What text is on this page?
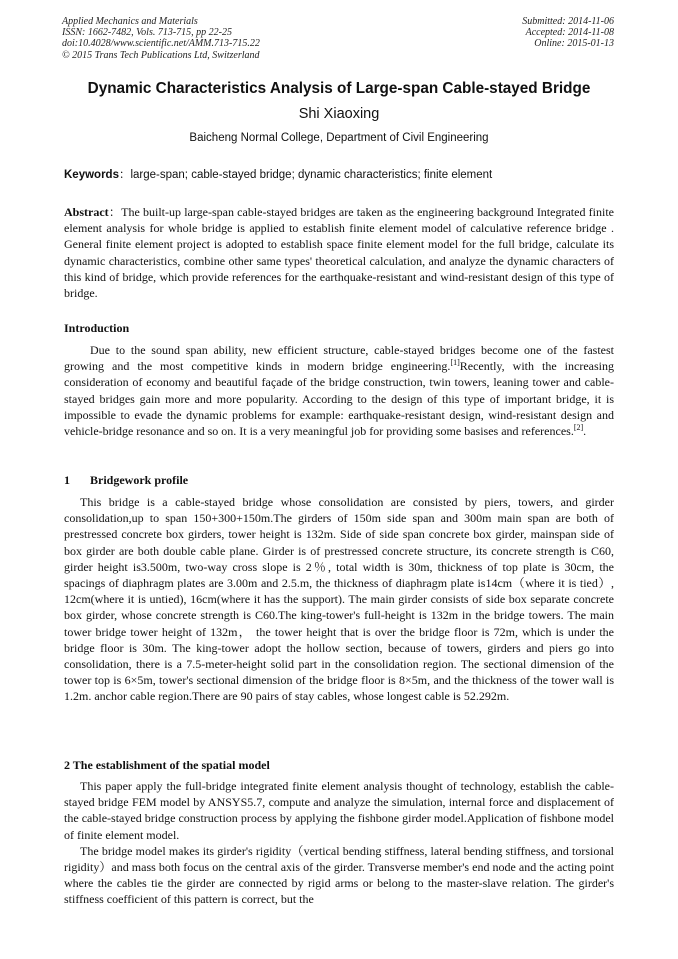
Applied Mechanics and Materials
ISSN: 1662-7482, Vols. 713-715, pp 22-25
doi:10.4028/www.scientific.net/AMM.713-715.22
© 2015 Trans Tech Publications Ltd, Switzerland
Submitted: 2014-11-06
Accepted: 2014-11-08
Online: 2015-01-13
Dynamic Characteristics Analysis of Large-span Cable-stayed Bridge
Shi Xiaoxing
Baicheng Normal College, Department of Civil Engineering
Keywords：large-span; cable-stayed bridge; dynamic characteristics; finite element

Abstract：The built-up large-span cable-stayed bridges are taken as the engineering background Integrated finite element analysis for whole bridge is applied to establish finite element model of calculative reference bridge . General finite element project is adopted to establish space finite element model for the full bridge, calculate its dynamic characteristics, combine other same types' theoretical calculation, and analyze the dynamic characters of this kind of bridge, which provide references for the earthquake-resistant and wind-resistant design of this type of bridge.

Introduction

Due to the sound span ability, new efficient structure, cable-stayed bridges become one of the fastest growing and the most competitive kinds in modern bridge engineering.[1]Recently, with the increasing consideration of economy and beautiful façade of the bridge construction, twin towers, leaning tower and cable-stayed bridges gain more and more popularity. According to the design of this type of important bridge, it is impossible to evade the dynamic problems for example: earthquake-resistant design, wind-resistant design and vehicle-bridge resonance and so on. It is a very meaningful job for providing some basises and references.[2].

1 Bridgework profile

This bridge is a cable-stayed bridge whose consolidation are consisted by piers, towers, and girder consolidation,up to span 150+300+150m.The girders of 150m side span and 300m main span are both of prestressed concrete box girders, tower height is 132m. Side of side span concrete box girder, mainspan side of box girder are both double cable plane. Girder is of prestressed concrete structure, its concrete strength is C60, girder height is3.500m, two-way cross slope is 2％, total width is 30m, thickness of top plate is 30cm, the spacings of diaphragm plates are 3.00m and 2.5.m, the thickness of diaphragm plate is14cm（where it is tied）, 12cm(where it is untied), 16cm(where it has the support). The main girder consists of side box separate concrete box girder, whose concrete strength is C60.The king-tower's full-height is 132m in the bridge towers. The main tower bridge tower height of 132m， the tower height that is over the bridge floor is 72m, which is under the bridge floor is 30m. The king-tower adopt the hollow section, because of towers, girders and piers go into consolidation, there is a 7.5-meter-height solid part in the consolidation region. The sectional dimension of the tower top is 6×5m, tower's sectional dimension of the bridge floor is 8×5m, and the thickness of the tower wall is 1.2m. anchor cable region.There are 90 pairs of stay cables, whose longest cable is 52.292m.

2 The establishment of the spatial model

This paper apply the full-bridge integrated finite element analysis thought of technology, establish the cable-stayed bridge FEM model by ANSYS5.7, compute and analyze the simulation, internal force and displacement of the cable-stayed bridge construction process by applying the fishbone girder model.Application of fishbone model of finite element model.

The bridge model makes its girder's rigidity（vertical bending stiffness, lateral bending stiffness, and torsional rigidity）and mass both focus on the central axis of the girder. Transverse member's end node and the acting point where the cables tie the girder are connected by rigid arms or belong to the master-slave relation. The girder's stiffness coefficient of this pattern is correct, but the
